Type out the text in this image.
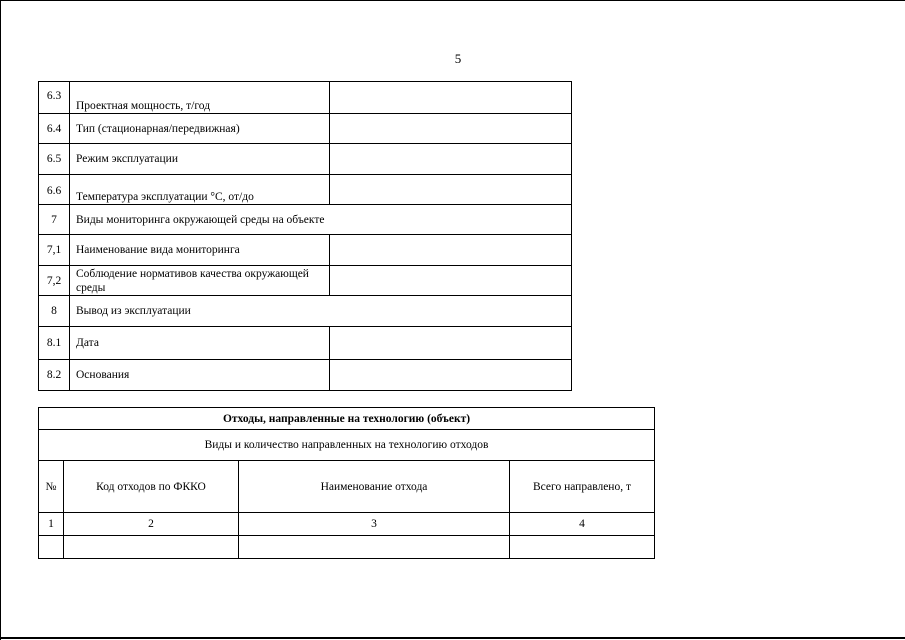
5
6.3	Проектная мощность, т/год	
6.4	Тип (стационарная/передвижная)	
6.5	Режим эксплуатации	
6.6	Температура эксплуатации °С, от/до	
7	Виды мониторинга окружающей среды на объекте	
7,1	Наименование вида мониторинга	
7,2	Соблюдение нормативов качества окружающей среды	
8	Вывод из эксплуатации	
8.1	Дата	
8.2	Основания	
Отходы, направленные на технологию (объект)			
Виды и количество направленных на технологию отходов			
№	Код отходов по ФККО	Наименование отхода	Всего направлено, т
1	2	3	4
